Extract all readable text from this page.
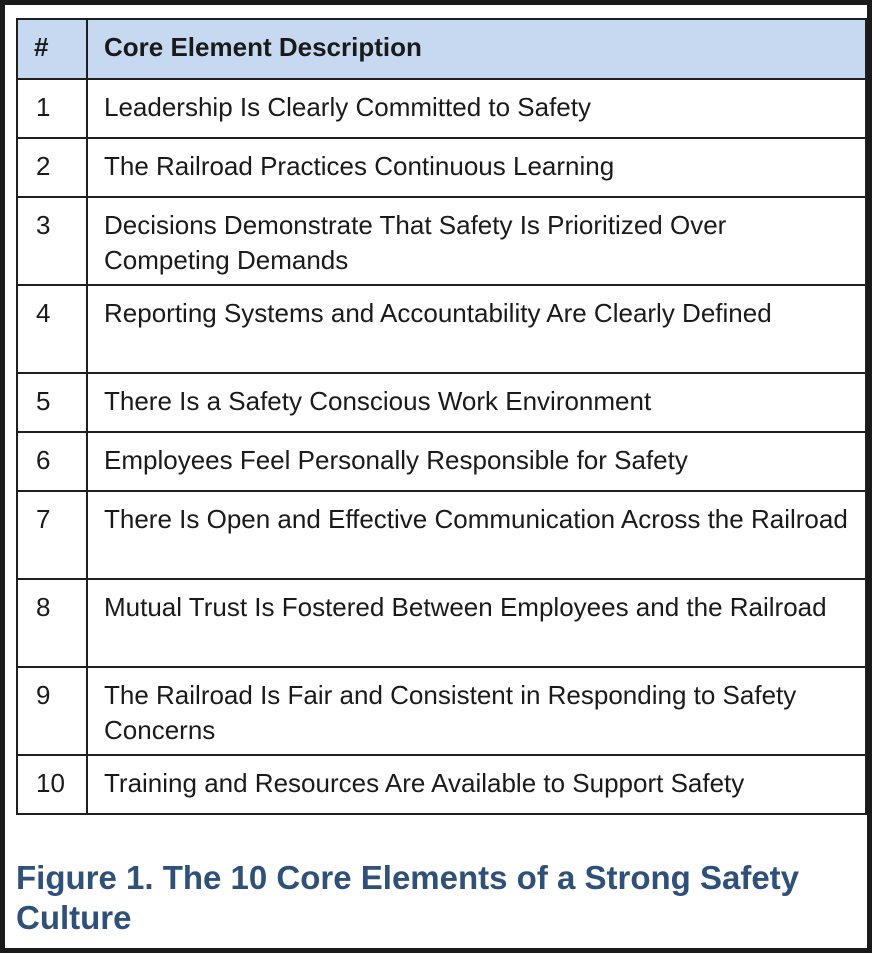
#	Core Element Description
1	Leadership Is Clearly Committed to Safety
2	The Railroad Practices Continuous Learning
3	Decisions Demonstrate That Safety Is Prioritized Over Competing Demands
4	Reporting Systems and Accountability Are Clearly Defined
5	There Is a Safety Conscious Work Environment
6	Employees Feel Personally Responsible for Safety
7	There Is Open and Effective Communication Across the Railroad
8	Mutual Trust Is Fostered Between Employees and the Railroad
9	The Railroad Is Fair and Consistent in Responding to Safety Concerns
10	Training and Resources Are Available to Support Safety

Figure 1. The 10 Core Elements of a Strong Safety Culture
